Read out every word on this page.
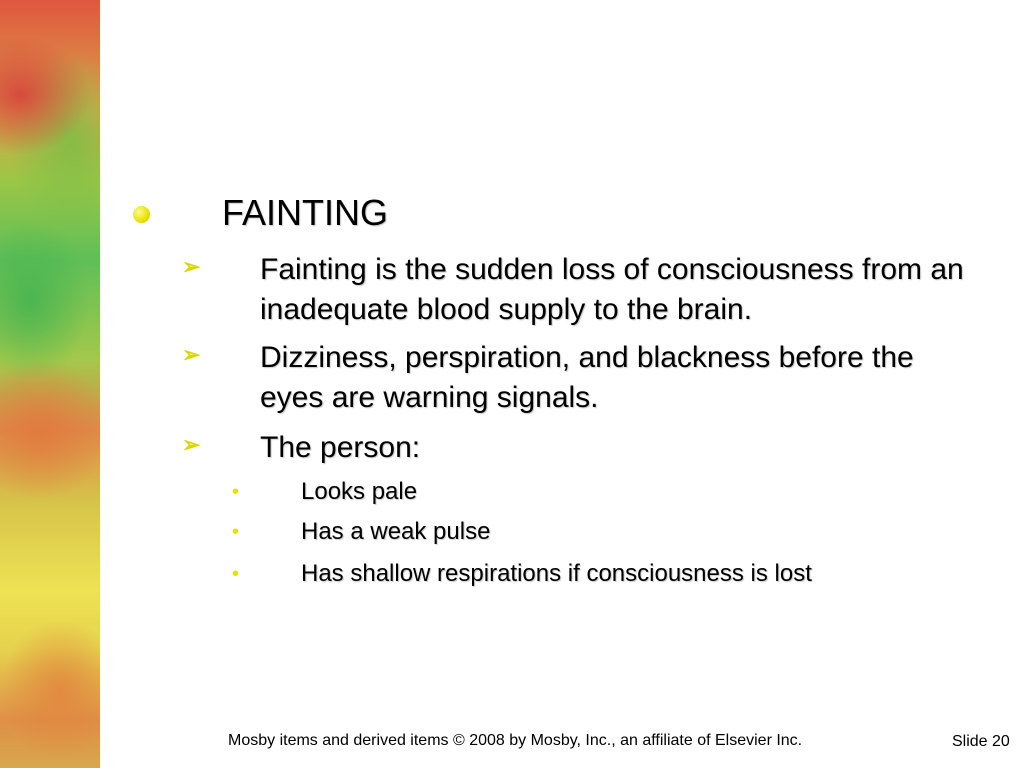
FAINTING
➢ Fainting is the sudden loss of consciousness from an inadequate blood supply to the brain.
➢ Dizziness, perspiration, and blackness before the eyes are warning signals.
➢ The person:
•	Looks pale
•	Has a weak pulse
•	Has shallow respirations if consciousness is lost
Mosby items and derived items © 2008 by Mosby, Inc., an affiliate of Elsevier Inc.	Slide 20
